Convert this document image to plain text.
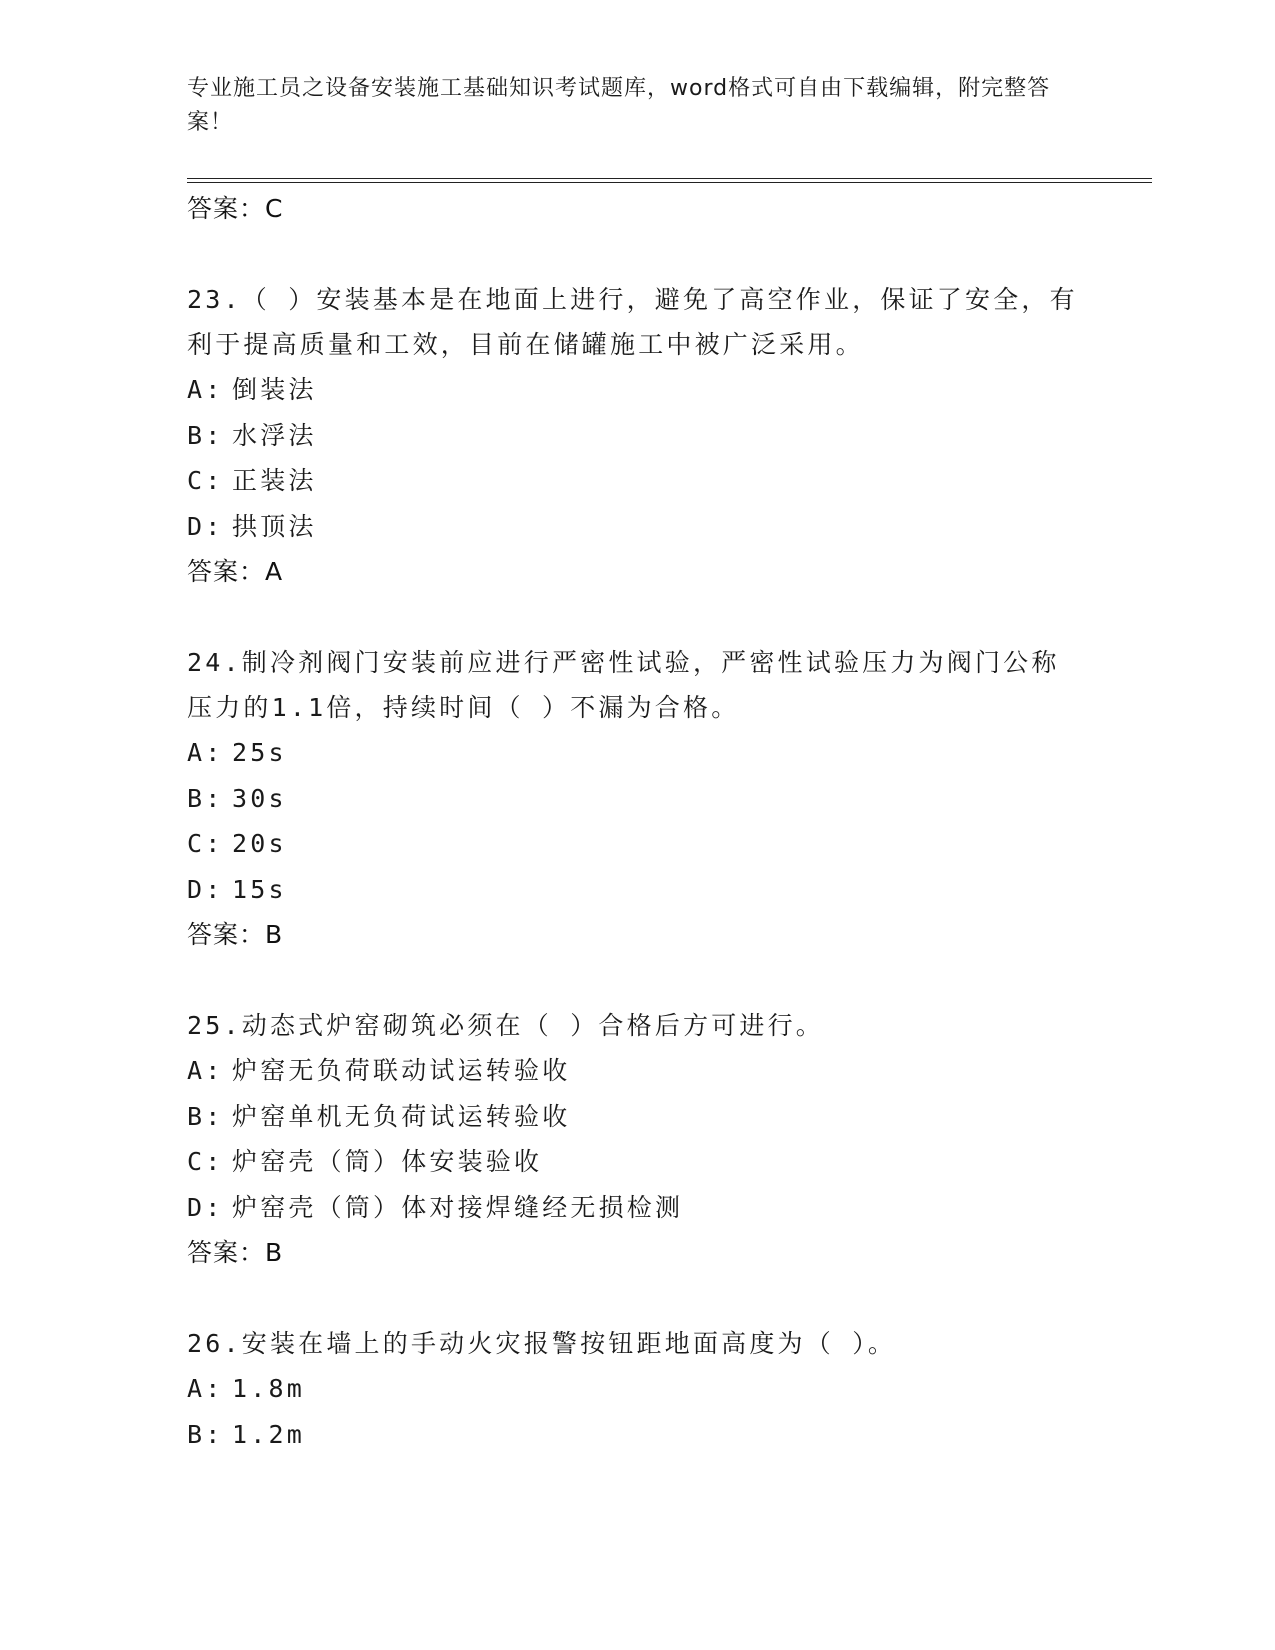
专业施工员之设备安装施工基础知识考试题库，word格式可自由下载编辑，附完整答案！
答案：C
23.（ ）安装基本是在地面上进行，避免了高空作业，保证了安全，有利于提高质量和工效，目前在储罐施工中被广泛采用。
A: 倒装法
B: 水浮法
C: 正装法
D: 拱顶法
答案：A
24.制冷剂阀门安装前应进行严密性试验，严密性试验压力为阀门公称压力的1.1倍，持续时间（ ）不漏为合格。
A: 25s
B: 30s
C: 20s
D: 15s
答案：B
25.动态式炉窑砌筑必须在（ ）合格后方可进行。
A: 炉窑无负荷联动试运转验收
B: 炉窑单机无负荷试运转验收
C: 炉窑壳（筒）体安装验收
D: 炉窑壳（筒）体对接焊缝经无损检测
答案：B
26.安装在墙上的手动火灾报警按钮距地面高度为（ ）。
A: 1.8m
B: 1.2m
